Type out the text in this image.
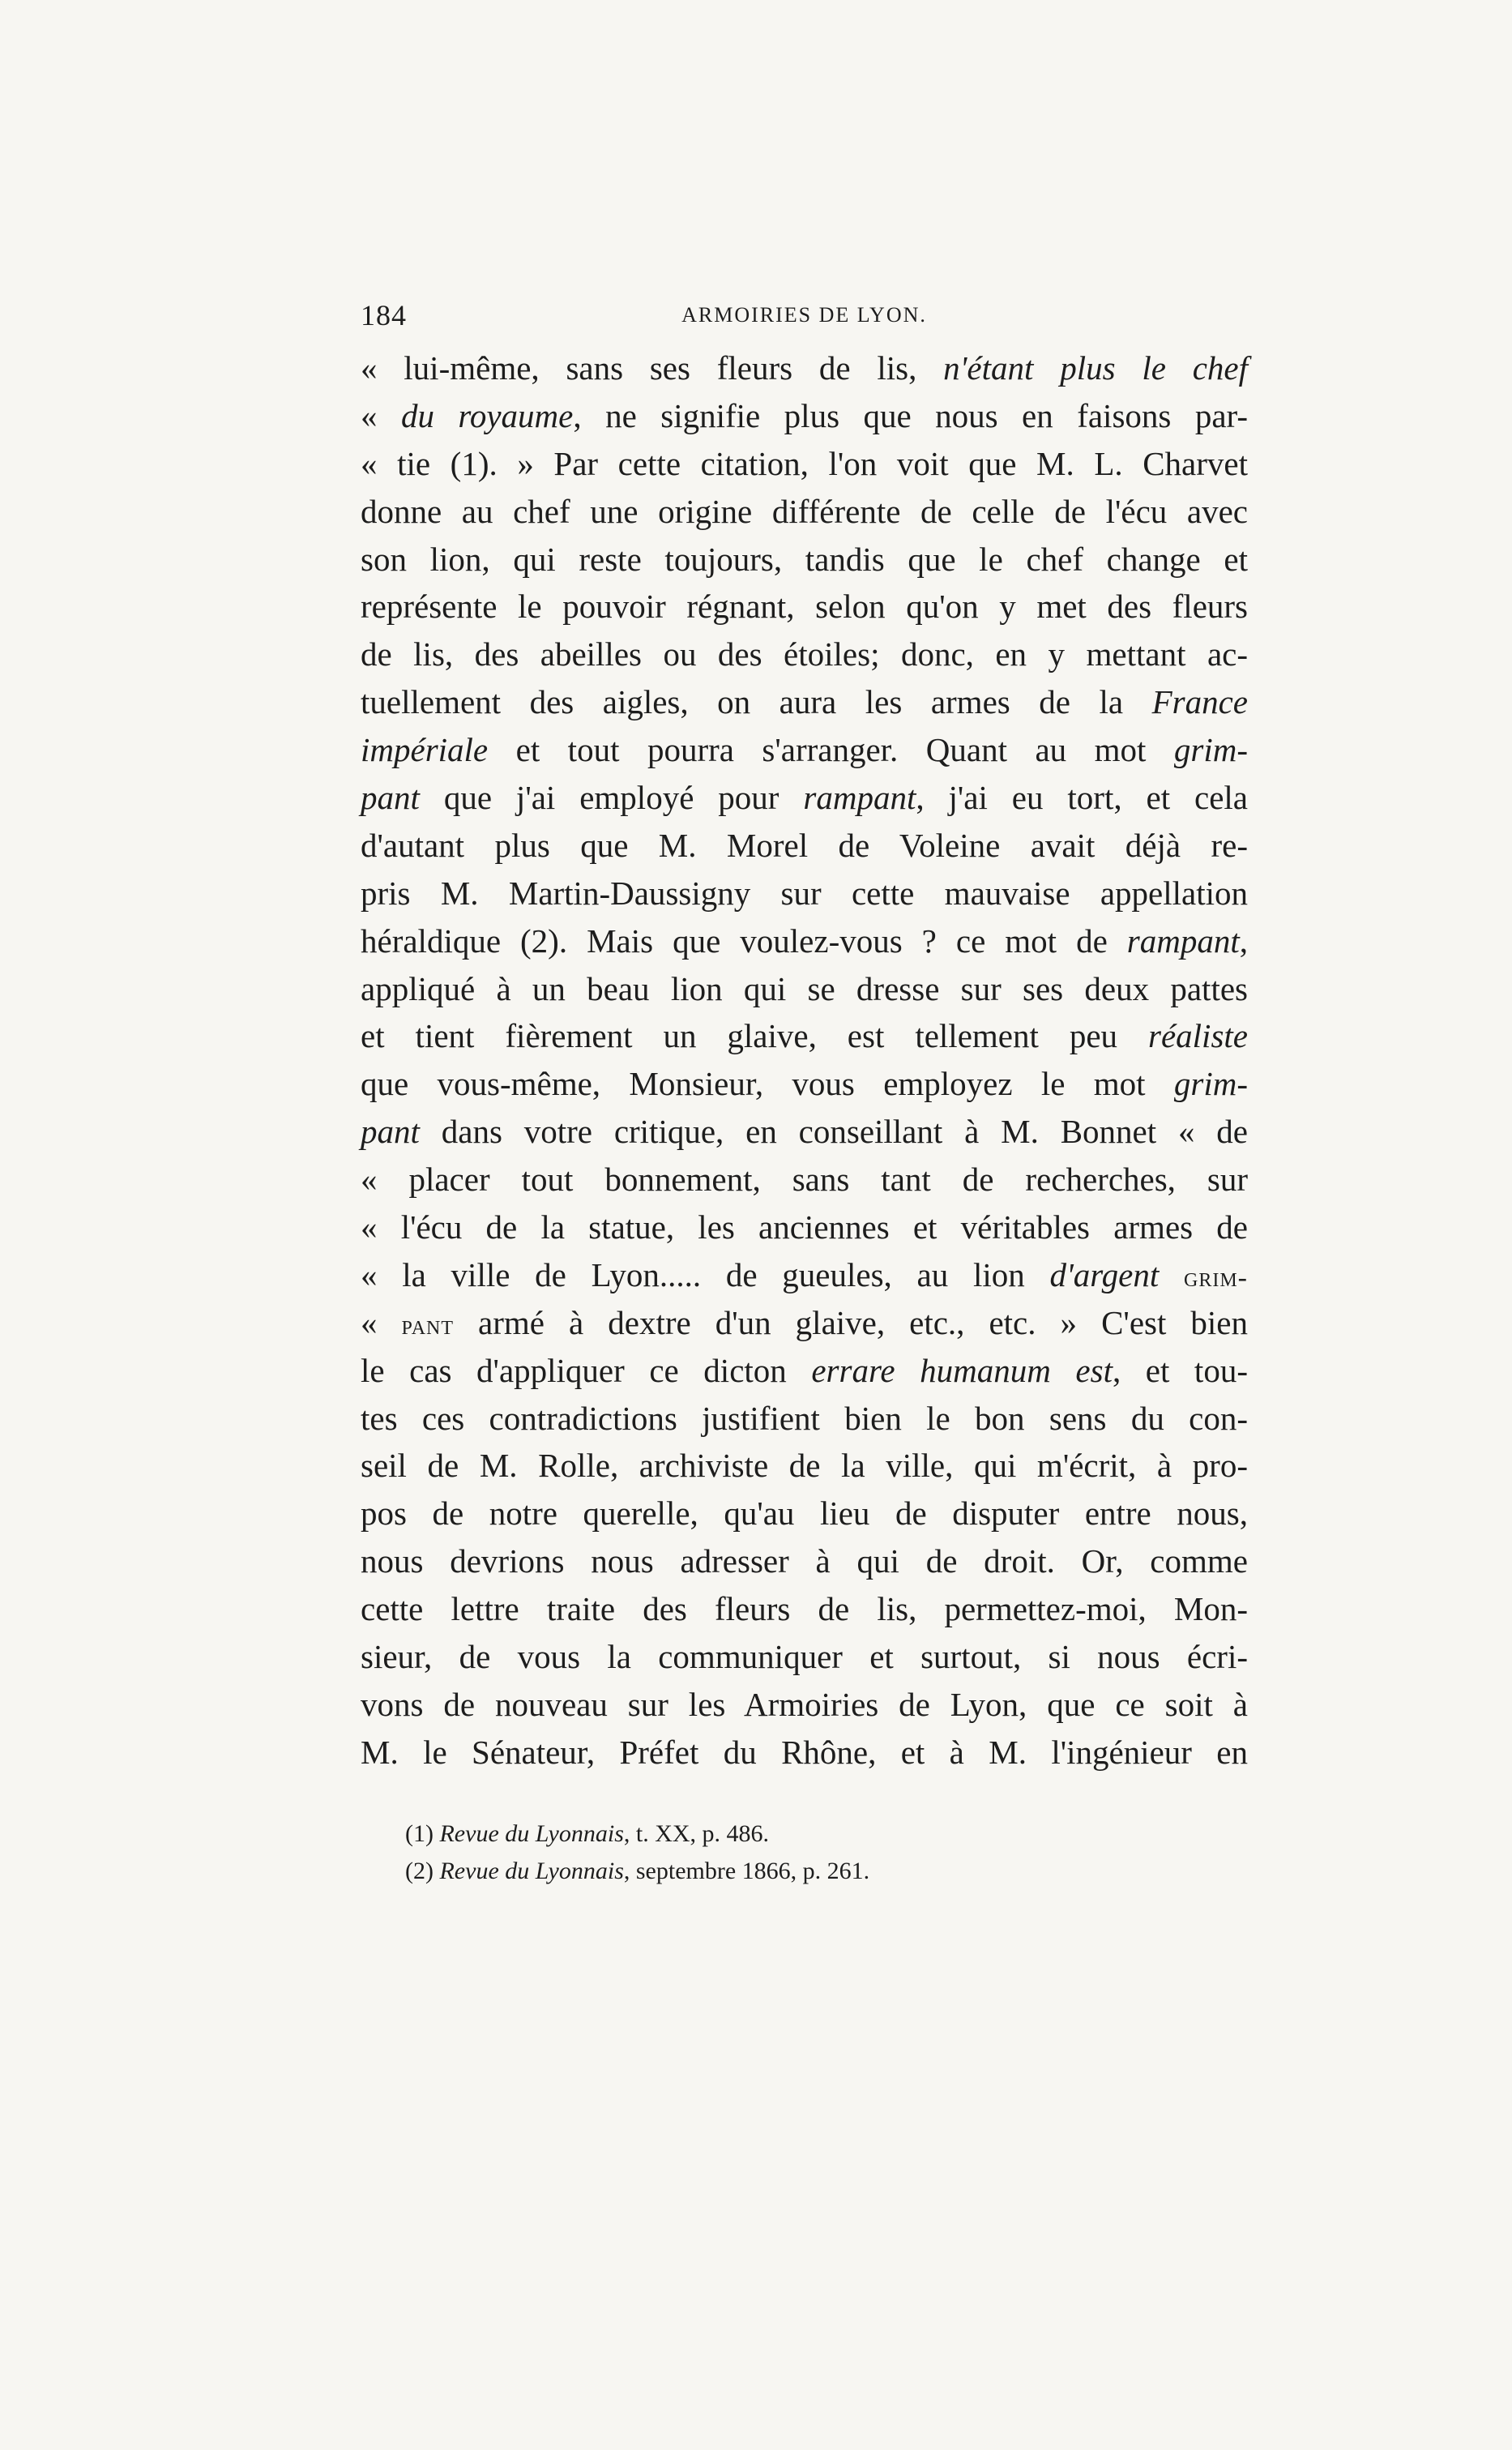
184	ARMOIRIES DE LYON.
« lui-même, sans ses fleurs de lis, n'étant plus le chef
« du royaume, ne signifie plus que nous en faisons par-
« tie (1). » Par cette citation, l'on voit que M. L. Charvet
donne au chef une origine différente de celle de l'écu avec
son lion, qui reste toujours, tandis que le chef change et
représente le pouvoir régnant, selon qu'on y met des fleurs
de lis, des abeilles ou des étoiles; donc, en y mettant ac-
tuellement des aigles, on aura les armes de la France
impériale et tout pourra s'arranger. Quant au mot grim-
pant que j'ai employé pour rampant, j'ai eu tort, et cela
d'autant plus que M. Morel de Voleine avait déjà re-
pris M. Martin-Daussigny sur cette mauvaise appellation
héraldique (2). Mais que voulez-vous ? ce mot de rampant,
appliqué à un beau lion qui se dresse sur ses deux pattes
et tient fièrement un glaive, est tellement peu réaliste
que vous-même, Monsieur, vous employez le mot grim-
pant dans votre critique, en conseillant à M. Bonnet « de
« placer tout bonnement, sans tant de recherches, sur
« l'écu de la statue, les anciennes et véritables armes de
« la ville de Lyon..... de gueules, au lion d'argent grim-
« pant armé à dextre d'un glaive, etc., etc. » C'est bien
le cas d'appliquer ce dicton errare humanum est, et tou-
tes ces contradictions justifient bien le bon sens du con-
seil de M. Rolle, archiviste de la ville, qui m'écrit, à pro-
pos de notre querelle, qu'au lieu de disputer entre nous,
nous devrions nous adresser à qui de droit. Or, comme
cette lettre traite des fleurs de lis, permettez-moi, Mon-
sieur, de vous la communiquer et surtout, si nous écri-
vons de nouveau sur les Armoiries de Lyon, que ce soit à
M. le Sénateur, Préfet du Rhône, et à M. l'ingénieur en
(1) Revue du Lyonnais, t. XX, p. 486.
(2) Revue du Lyonnais, septembre 1866, p. 261.
